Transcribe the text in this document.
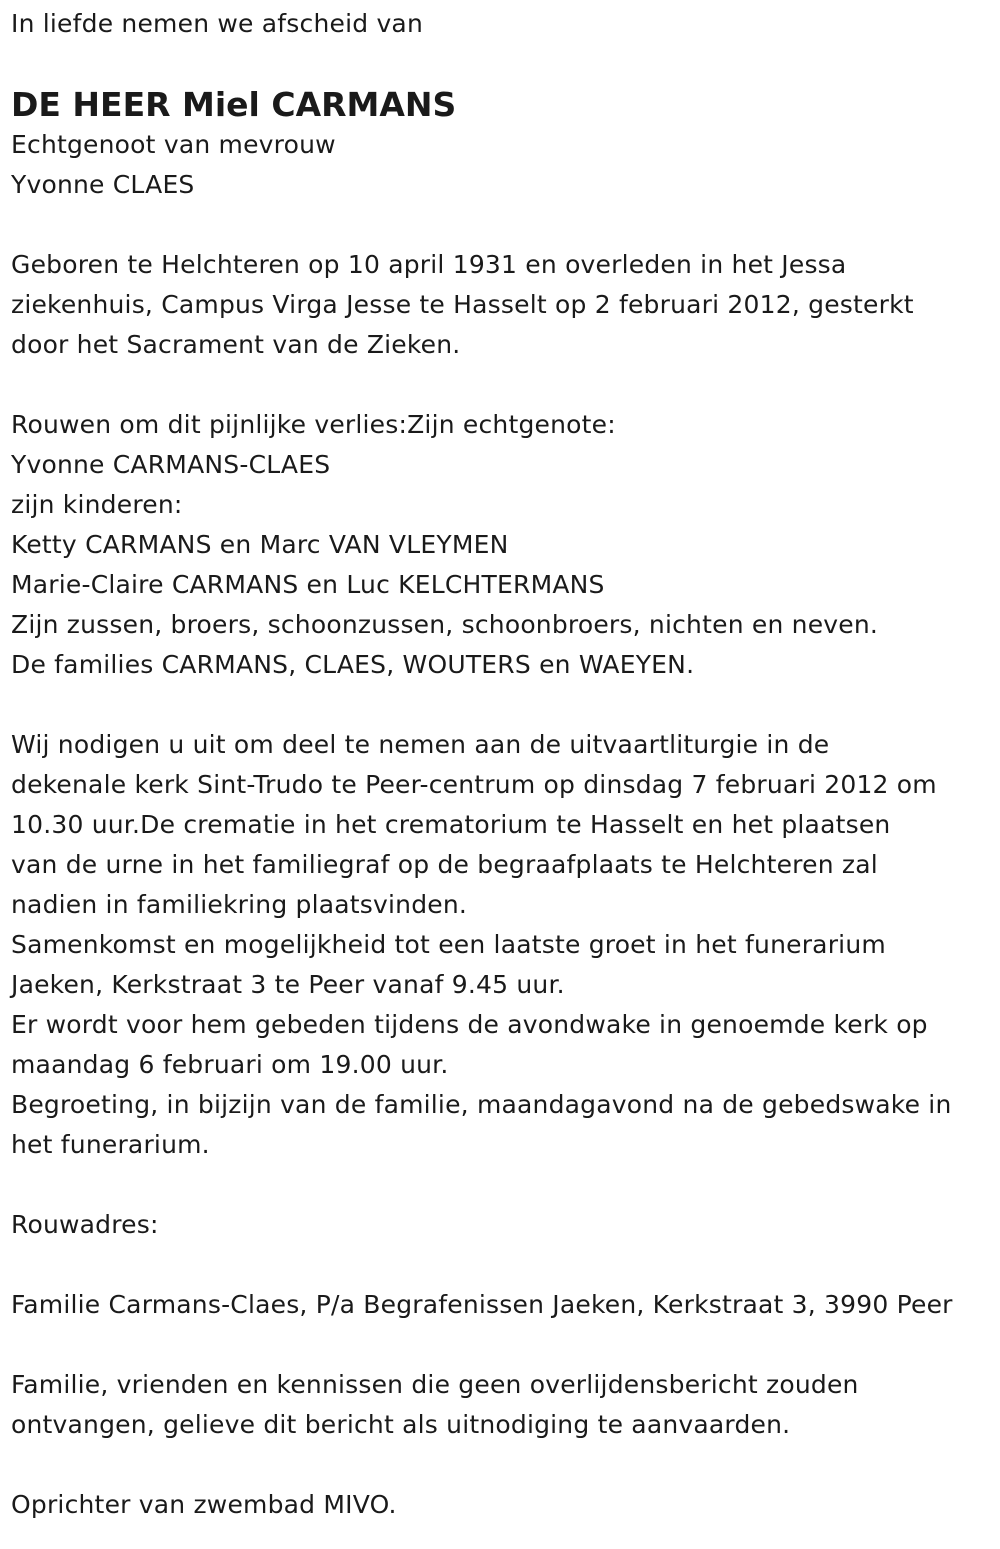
In liefde nemen we afscheid van
DE HEER Miel CARMANS
Echtgenoot van mevrouw
Yvonne CLAES
Geboren te Helchteren op 10 april 1931 en overleden in het Jessa
ziekenhuis, Campus Virga Jesse te Hasselt op 2 februari 2012, gesterkt
door het Sacrament van de Zieken.
Rouwen om dit pijnlijke verlies:Zijn echtgenote:
Yvonne CARMANS-CLAES
zijn kinderen:
Ketty CARMANS en Marc VAN VLEYMEN
Marie-Claire CARMANS en Luc KELCHTERMANS
Zijn zussen, broers, schoonzussen, schoonbroers, nichten en neven.
De families CARMANS, CLAES, WOUTERS en WAEYEN.
Wij nodigen u uit om deel te nemen aan de uitvaartliturgie in de
dekenale kerk Sint-Trudo te Peer-centrum op dinsdag 7 februari 2012 om
10.30 uur.De crematie in het crematorium te Hasselt en het plaatsen
van de urne in het familiegraf op de begraafplaats te Helchteren zal
nadien in familiekring plaatsvinden.
Samenkomst en mogelijkheid tot een laatste groet in het funerarium
Jaeken, Kerkstraat 3 te Peer vanaf 9.45 uur.
Er wordt voor hem gebeden tijdens de avondwake in genoemde kerk op
maandag 6 februari om 19.00 uur.
Begroeting, in bijzijn van de familie, maandagavond na de gebedswake in
het funerarium.
Rouwadres:
Familie Carmans-Claes, P/a Begrafenissen Jaeken, Kerkstraat 3, 3990 Peer
Familie, vrienden en kennissen die geen overlijdensbericht zouden
ontvangen, gelieve dit bericht als uitnodiging te aanvaarden.
Oprichter van zwembad MIVO.
